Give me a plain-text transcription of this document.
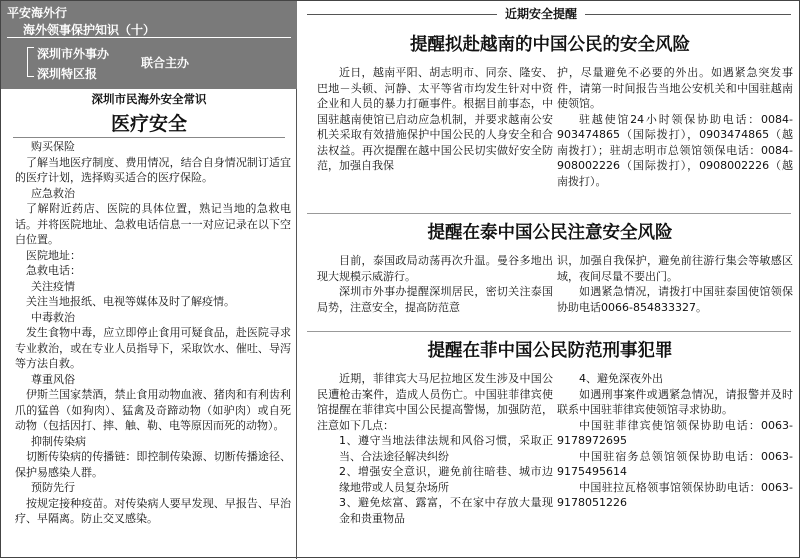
平安海外行
海外领事保护知识（十）
深圳市外事办
深圳特区报
联合主办
深圳市民海外安全常识
医疗安全
购买保险
了解当地医疗制度、费用情况，结合自身情况制订适宜的医疗计划，选择购买适合的医疗保险。
应急救治
了解附近药店、医院的具体位置，熟记当地的急救电话。并将医院地址、急救电话信息一一对应记录在以下空白位置。
医院地址：
急救电话：
关注疫情
关注当地报纸、电视等媒体及时了解疫情。
中毒救治
发生食物中毒，应立即停止食用可疑食品，赴医院寻求专业救治，或在专业人员指导下，采取饮水、催吐、导泻等方法自救。
尊重风俗
伊斯兰国家禁酒，禁止食用动物血液、猪肉和有利齿利爪的猛兽（如狗肉）、猛禽及奇蹄动物（如驴肉）或自死动物（包括因打、摔、触、勒、电等原因而死的动物）。
抑制传染病
切断传染病的传播链：即控制传染源、切断传播途径、保护易感染人群。
预防先行
按规定接种疫苗。对传染病人要早发现、早报告、早治疗、早隔离。防止交叉感染。
近期安全提醒
提醒拟赴越南的中国公民的安全风险
近日，越南平阳、胡志明市、同奈、隆安、巴地－头顿、河静、太平等省市均发生针对中资企业和人员的暴力打砸事件。根据目前事态，中国驻越南使馆已启动应急机制，并要求越南公安机关采取有效措施保护中国公民的人身安全和合法权益。再次提醒在越中国公民切实做好安全防范，加强自我保
护，尽量避免不必要的外出。如遇紧急突发事件，请第一时间报告当地公安机关和中国驻越南使领馆。
驻越使馆24小时领保协助电话：0084-903474865（国际拨打），0903474865（越南拨打）；驻胡志明市总领馆领保电话：0084-908002226（国际拨打），0908002226（越南拨打）。
提醒在泰中国公民注意安全风险
目前，泰国政局动荡再次升温。曼谷多地出现大规模示威游行。
深圳市外事办提醒深圳居民，密切关注泰国局势，注意安全，提高防范意
识，加强自我保护，避免前往游行集会等敏感区域，夜间尽量不要出门。
如遇紧急情况，请拨打中国驻泰国使馆领保协助电话0066-854833327。
提醒在菲中国公民防范刑事犯罪
近期，菲律宾大马尼拉地区发生涉及中国公民遭枪击案件，造成人员伤亡。中国驻菲律宾使馆提醒在菲律宾中国公民提高警惕，加强防范，注意如下几点：
1、遵守当地法律法规和风俗习惯，采取正当、合法途径解决纠纷
2、增强安全意识，避免前往暗巷、城市边缘地带或人员复杂场所
3、避免炫富、露富，不在家中存放大量现金和贵重物品
4、避免深夜外出
如遇刑事案件或遇紧急情况，请报警并及时联系中国驻菲律宾使领馆寻求协助。
中国驻菲律宾使馆领保协助电话：0063-9178972695
中国驻宿务总领馆领保协助电话：0063-9175495614
中国驻拉瓦格领事馆领保协助电话：0063-9178051226
